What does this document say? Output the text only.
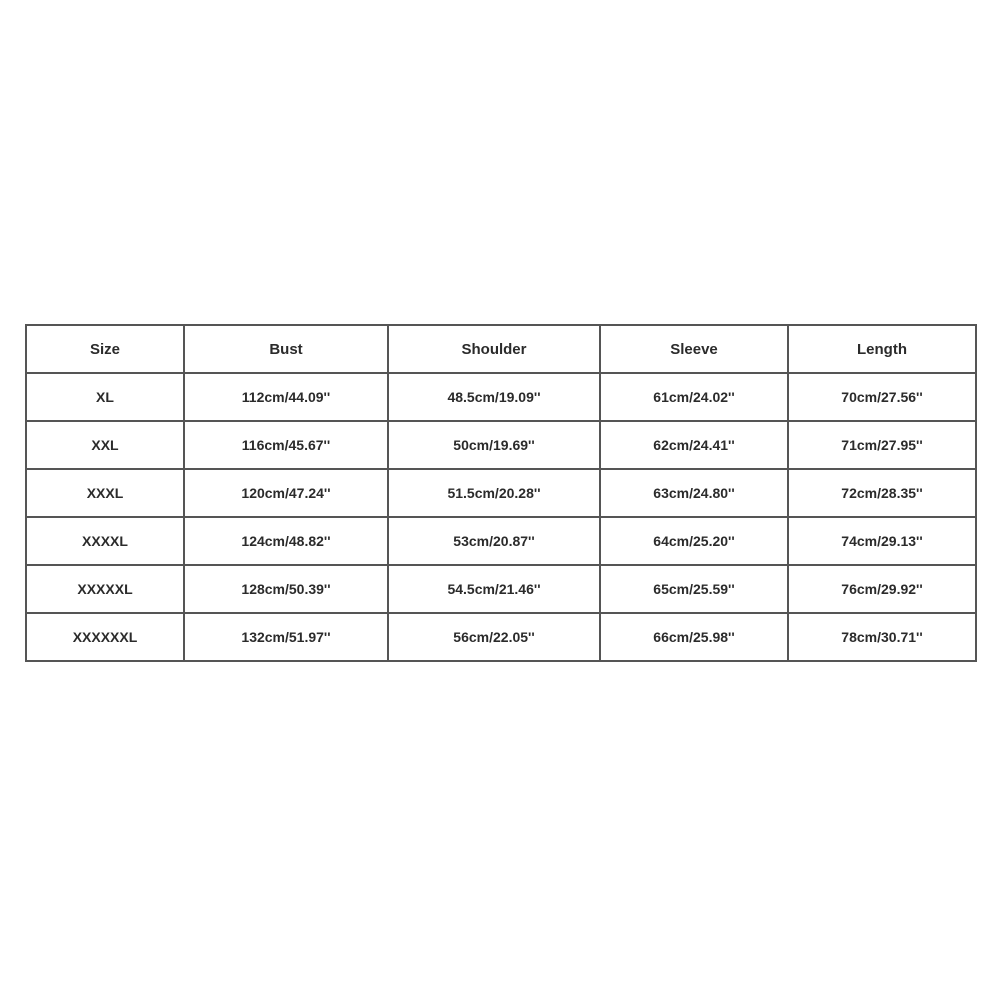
Size	Bust	Shoulder	Sleeve	Length
XL	112cm/44.09''	48.5cm/19.09''	61cm/24.02''	70cm/27.56''
XXL	116cm/45.67''	50cm/19.69''	62cm/24.41''	71cm/27.95''
XXXL	120cm/47.24''	51.5cm/20.28''	63cm/24.80''	72cm/28.35''
XXXXL	124cm/48.82''	53cm/20.87''	64cm/25.20''	74cm/29.13''
XXXXXL	128cm/50.39''	54.5cm/21.46''	65cm/25.59''	76cm/29.92''
XXXXXXL	132cm/51.97''	56cm/22.05''	66cm/25.98''	78cm/30.71''
